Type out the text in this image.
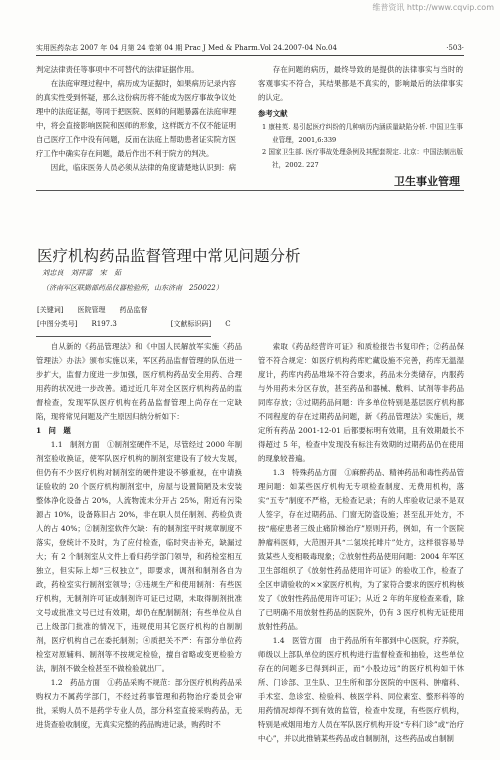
维普资讯 http://www.cqvip.com
实用医药杂志 2007 年 04 月第 24 卷第 04 期 Prac J Med & Pharm.Vol 24.2007-04 No.04	·503·
判定法律责任等事项中不可替代的法律证据作用。
在法庭审理过程中，病历成为证据时，如果病历记录内容的真实性受到怀疑，那么这份病历将不能成为医疗事故争议处理中的法庭证据，等同于把医院、医师的问题暴露在法庭审理中，将会直接影响医院和医师的形象，这样既方不仅不能证明自己医疗工作中没有问题，反而在法庭上帮助患者证实院方医疗工作中确实存在问题，最后作出不利于院方的判决。
因此，临床医务人员必须从法律的角度请楚地认识到：病
存在问题的病历，最终导致的是提供的法律事实与当时的客观事实不符合，其结果都是不真实的，影响最后的法律事实的认定。
参考文献
1 康桂英. 易引起医疗纠纷的几种病历内涵质量缺陷分析. 中国卫生事业管理，2001,6:339
2 国家卫生部. 医疗事故处理条例及其配套规定. 北京：中国法制出版社，2002. 227
卫生事业管理
医疗机构药品监督管理中常见问题分析
刘忠良　刘祥富　宋　茹
（济南军区联勤部药品仪器检验所，山东济南　250022）
[关键词] 医院管理　　药品监督
[中图分类号] R197.3	[文献标识码] C
自从新的《药品管理法》和《中国人民解放军实施〈药品管理法〉办法》颁布实施以来，军区药品监督管理的队伍进一步扩大，监督力度进一步加强，医疗机构药品安全用药、合理用药的状况进一步改善。通过近几年对全区医疗机构药品的监督检查，发现军队医疗机构在药品监督管理上尚存在一定缺陷，现将常见问题及产生原因归纳分析如下：
1　问　题
1.1　制剂方面　①制剂室硬件不足，尽管经过 2000 年制剂室验收换证，使军队医疗机构的制剂室建设有了较大发展，但仍有不少医疗机构对制剂室的硬件建设不够重视，在中请换证验收的 20 个医疗机构制剂室中，房屋与设置简陋及未安装整体净化设备占 20%，人流物流未分开占 25%，附近有污染源占 10%，设备陈旧占 20%，非在职人员任制剂、药检负责人的占 40%；②制剂室软件欠缺：有的制剂室平时规章制度不落实，登统计不及时，为了应付检查，临时突击补充，缺漏过大；有 2 个制剂室从文件上看归药学部门领导，和药检室相互独立，但实际上却“三权独立”，即要求，调剂和制剂各自为政，药检室实行制剂室领导；③违规生产和使用制剂：有些医疗机构，无制剂许可证或制剂许可证已过期，未取得制剂批准文号或批准文号已过有效期，却仍在配制制剂；有些单位从自己上级部门批准的情况下，违规使用其它医疗机构的自制制剂，医疗机构自己在委托制剂；④质把关不严：有部分单位药检室对原辅料、制剂等不按规定检验，擅自省略或变更检验方法，制剂不做全检甚至不做检验就出厂。
1.2　药品方面　①药品采购不规范：部分医疗机构药品采购权力不属药学部门，不经过药事管理和药物治疗委员会审批，采购人员不是药学专业人员，部分科室直接采购药品，无进货查验收制度，无真实完整的药品购进记录，购药时不
索取《药品经营许可证》和质检报告书复印件；②药品保管不符合规定：如医疗机构药库贮藏设施不完善，药库无温湿度计，药库内药品堆垛不符合要求，药品未分类储存，内服药与外用药未分区存放，甚至药品和器械、敷料、试剂等非药品同库存放；③过期药品问题：许多单位特别是基层医疗机构都不同程度的存在过期药品问题，新《药品管理法》实施后，规定所有药品 2001-12-01 后都要标明有效期，且有效期最长不得超过 5 年，检查中发现没有标注有效期的过期药品仍在使用的现象较普遍。
1.3　特殊药品方面　①麻醉药品、精神药品和毒性药品管理问题：如某些医疗机构无专项检查制度、无费用机构，落实“五专”制度不严格，无检查记录；有的人库验收记录不是双人签字，存在过期药品、门窗无防盗设施；甚至乱开处方，不按“癌症患者三级止痛阶梯治疗”原则开药，例如，有一个医院肿瘤科医师，大范围开具“二氢埃托啡片”处方，这样很容易导致某些人变相吸毒现象；②放射性药品使用问题：2004 年军区卫生部组织了《放射性药品使用许可证》的验收工作，检查了全区申请验收的××家医疗机构，为了家符合要求的医疗机构核发了《放射性药品使用许可证》；从近 2 年的年度检查来看，除了已明确不用放射性药品的医院外，仍有 3 医疗机构无证使用放射性药品。
1.4　医管方面　由于药品所有年都到中心医院，疗养院，师级以上部队单位的医疗机构进行监督检查和抽验，这些单位存在的问题多已得到纠正，而“小股边远”的医疗机构如干休所、门诊部、卫生队、卫生所和部分医院的中医科、肿瘤科、手术室、急诊室、检验科、核医学科、同位素室、整形科等的用药情况却得不到有效的监管，检查中发现，有些医疗机构，特别是戒烟用地方人员在军队医疗机构开设“专科门诊”或“治疗中心”，并以此推销某些药品或自制制剂，这些药品或自制制
